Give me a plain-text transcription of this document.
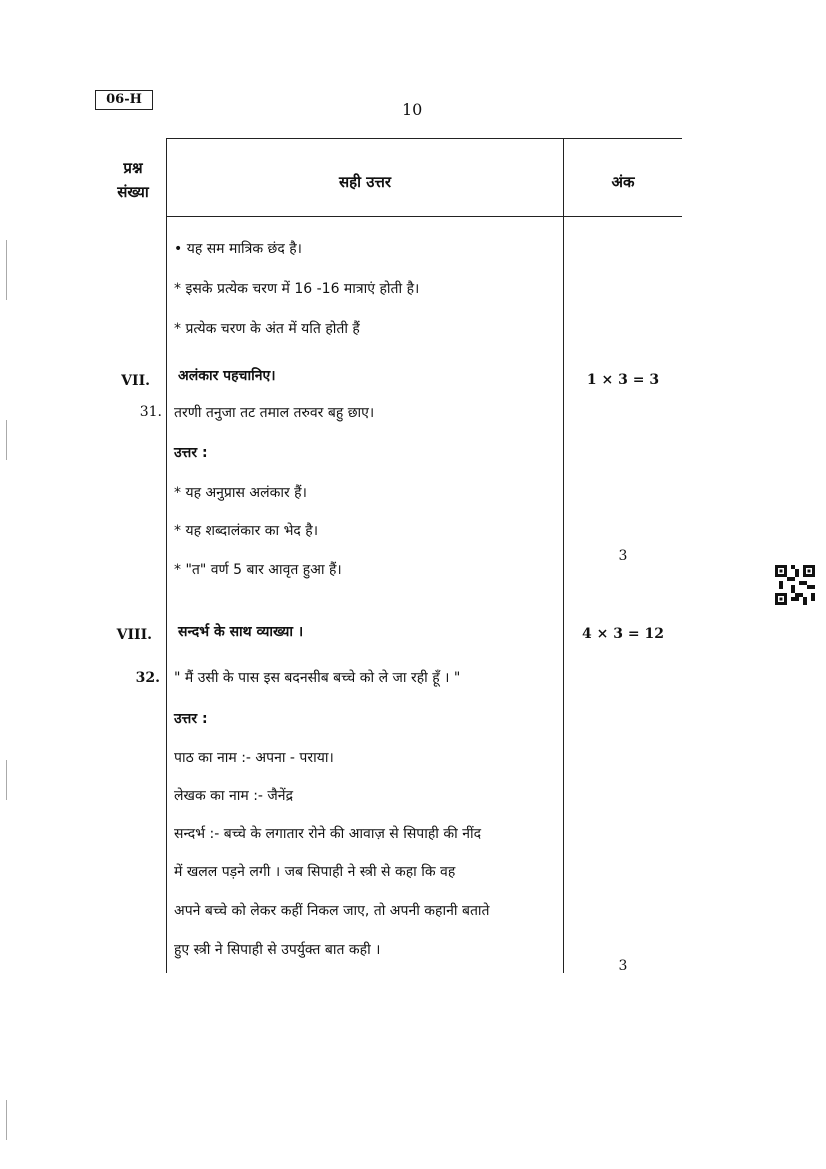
06-H
10
प्रश्न
संख्या
सही उत्तर	अंक
• यह सम मात्रिक छंद है।
* इसके प्रत्येक चरण में 16 -16 मात्राएं होती है।
* प्रत्येक चरण के अंत में यति होती हैं
VII. अलंकार पहचानिए।	1 × 3 = 3
31. तरणी तनुजा तट तमाल तरुवर बहु छाए।
उत्तर :
* यह अनुप्रास अलंकार हैं।
* यह शब्दालंकार का भेद है।
* "त" वर्ण 5 बार आवृत हुआ हैं।
3
VIII. सन्दर्भ के साथ व्याख्या ।	4 × 3 = 12
32. " मैं उसी के पास इस बदनसीब बच्चे को ले जा रही हूँ । "
उत्तर :
पाठ का नाम :- अपना - पराया।
लेखक का नाम :- जैनेंद्र
सन्दर्भ :- बच्चे के लगातार रोने की आवाज़ से सिपाही की नींद
में खलल पड़ने लगी । जब सिपाही ने स्त्री से कहा कि वह
अपने बच्चे को लेकर कहीं निकल जाए, तो अपनी कहानी बताते
हुए स्त्री ने सिपाही से उपर्युक्त बात कही ।
3
